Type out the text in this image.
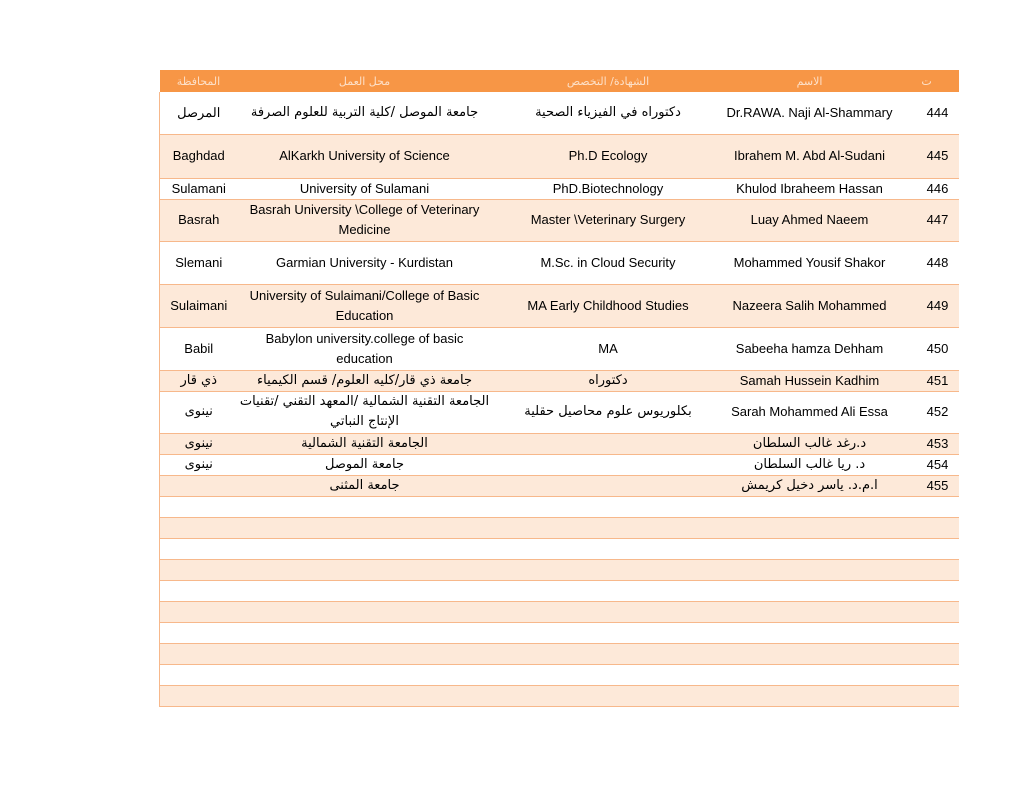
المحافظة	محل العمل	الشهادة/ التخصص	الاسم	ت
المرصل	جامعة الموصل /كلية التربية للعلوم الصرفة	دكتوراه في الفيزياء الصحية	Dr.RAWA. Naji Al-Shammary	444
Baghdad	AlKarkh University of Science	Ph.D Ecology	Ibrahem M. Abd Al-Sudani	445
Sulamani	University of Sulamani	PhD.Biotechnology	Khulod Ibraheem Hassan	446
Basrah	Basrah University \College of Veterinary Medicine	Master \Veterinary Surgery	Luay Ahmed Naeem	447
Slemani	Garmian University - Kurdistan	M.Sc. in Cloud Security	Mohammed Yousif Shakor	448
Sulaimani	University of Sulaimani/College of Basic Education	MA Early Childhood Studies	Nazeera Salih Mohammed	449
Babil	Babylon university.college of basic education	MA	Sabeeha hamza Dehham	450
ذي قار	جامعة ذي قار/كليه العلوم/ قسم الكيمياء	دكتوراه	Samah Hussein Kadhim	451
نينوى	الجامعة التقنية الشمالية /المعهد التقني /تقنيات الإنتاج النباتي	بكلوريوس علوم محاصيل حقلية	Sarah Mohammed Ali Essa	452
نينوى	الجامعة التقنية الشمالية		د.رغد غالب السلطان	453
نينوى	جامعة الموصل		د. ريا غالب السلطان	454
	جامعة المثنى		ا.م.د. ياسر دخيل كريمش	455
